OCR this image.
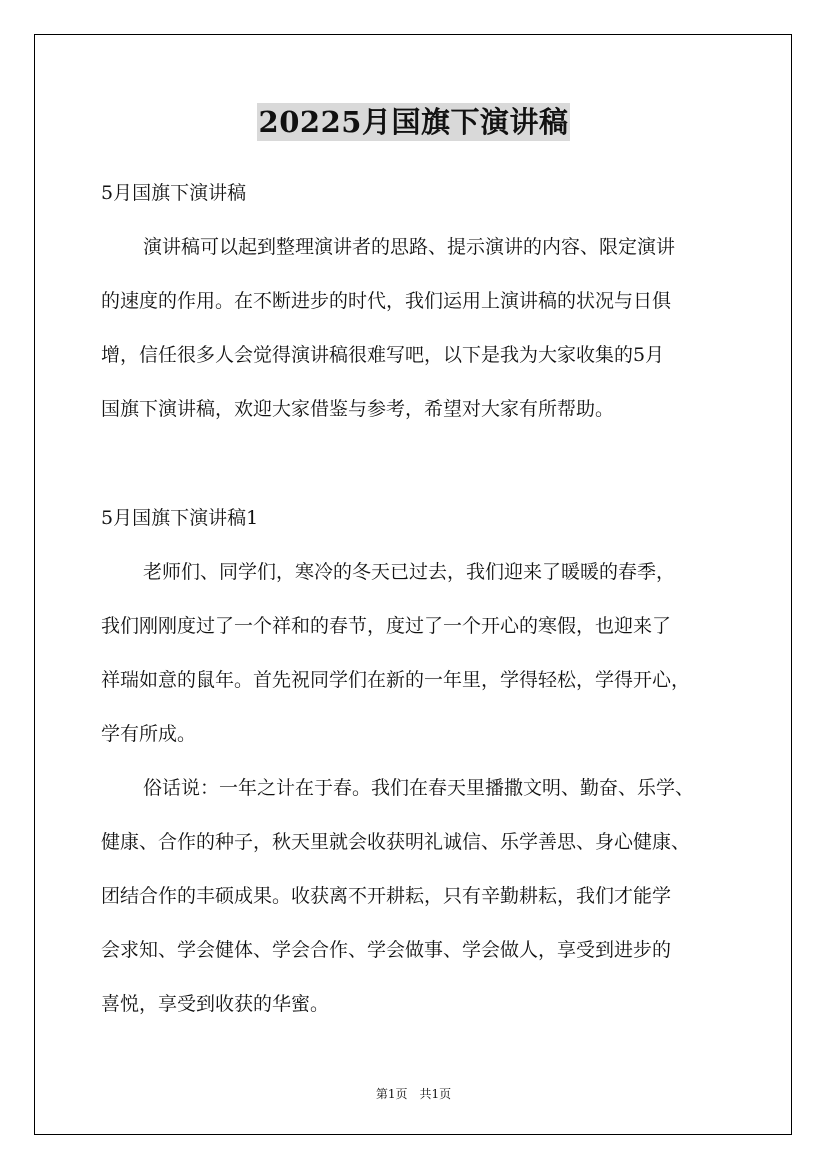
20225月国旗下演讲稿
5月国旗下演讲稿
演讲稿可以起到整理演讲者的思路、提示演讲的内容、限定演讲
的速度的作用。在不断进步的时代，我们运用上演讲稿的状况与日俱
增，信任很多人会觉得演讲稿很难写吧，以下是我为大家收集的5月
国旗下演讲稿，欢迎大家借鉴与参考，希望对大家有所帮助。
5月国旗下演讲稿1
老师们、同学们，寒冷的冬天已过去，我们迎来了暖暖的春季，
我们刚刚度过了一个祥和的春节，度过了一个开心的寒假，也迎来了
祥瑞如意的鼠年。首先祝同学们在新的一年里，学得轻松，学得开心，
学有所成。
俗话说：一年之计在于春。我们在春天里播撒文明、勤奋、乐学、
健康、合作的种子，秋天里就会收获明礼诚信、乐学善思、身心健康、
团结合作的丰硕成果。收获离不开耕耘，只有辛勤耕耘，我们才能学
会求知、学会健体、学会合作、学会做事、学会做人，享受到进步的
喜悦，享受到收获的华蜜。
第1页　共1页
